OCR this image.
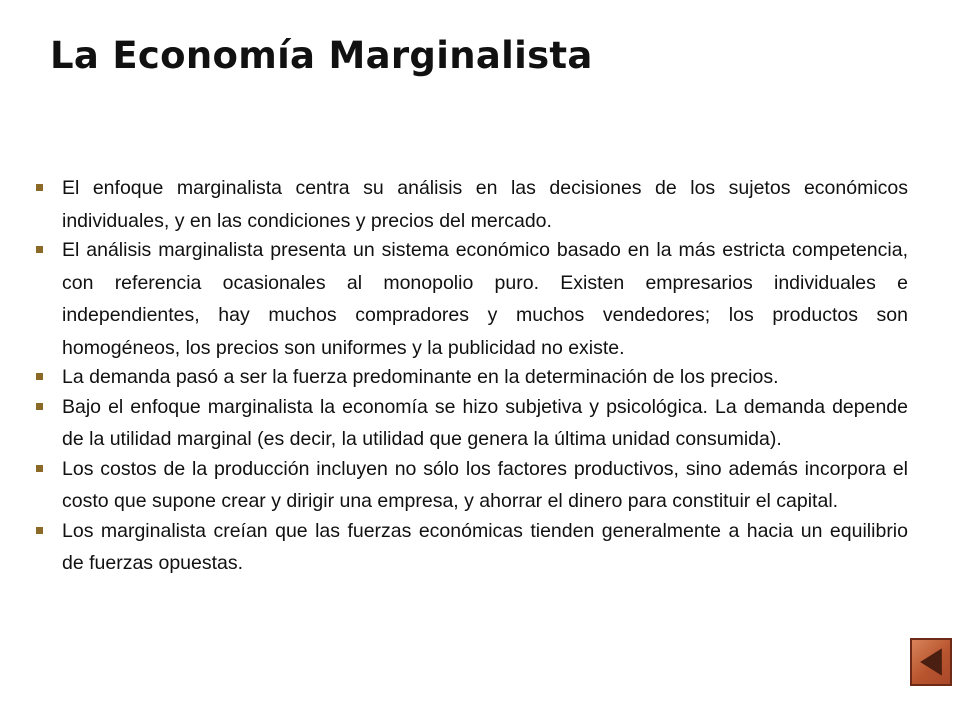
La Economía Marginalista
El enfoque marginalista centra su análisis en las decisiones de los sujetos económicos individuales, y en las condiciones y precios del mercado.
El análisis marginalista presenta un sistema económico basado en la más estricta competencia, con referencia ocasionales al monopolio puro. Existen empresarios individuales e independientes, hay muchos compradores y muchos vendedores; los productos son homogéneos, los precios son uniformes y la publicidad no existe.
La demanda pasó a ser la fuerza predominante en la determinación de los precios.
Bajo el enfoque marginalista la economía se hizo subjetiva y psicológica. La demanda depende de la utilidad marginal (es decir, la utilidad que genera la última unidad consumida).
Los costos de la producción incluyen no sólo los factores productivos, sino además incorpora el costo que supone crear y dirigir una empresa, y ahorrar el dinero para constituir el capital.
Los marginalista creían que las fuerzas económicas tienden generalmente a hacia un equilibrio de fuerzas opuestas.
